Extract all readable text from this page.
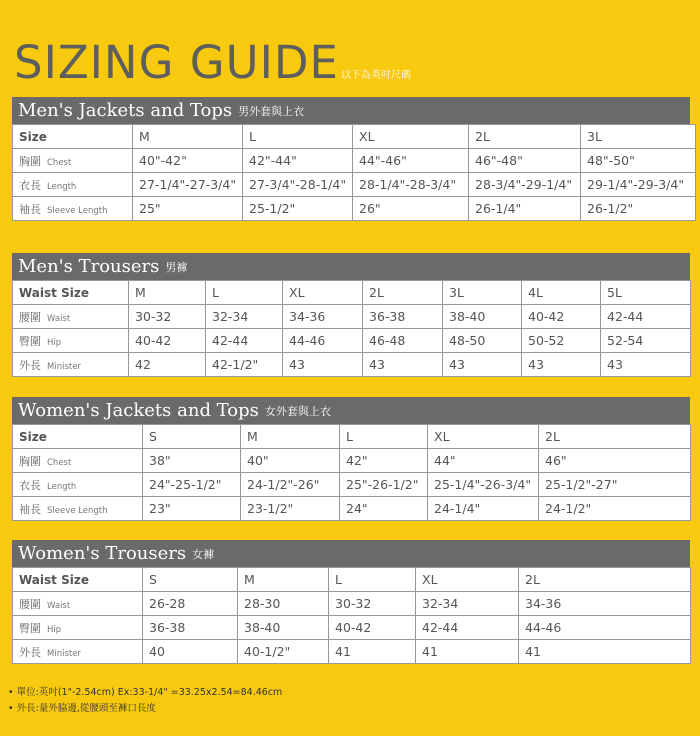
SIZING GUIDE 以下為英吋尺碼
Men's Jackets and Tops 男外套與上衣
Size	M	L	XL	2L	3L
胸圍 Chest	40"-42"	42"-44"	44"-46"	46"-48"	48"-50"
衣長 Length	27-1/4"-27-3/4"	27-3/4"-28-1/4"	28-1/4"-28-3/4"	28-3/4"-29-1/4"	29-1/4"-29-3/4"
袖長 Sleeve Length	25"	25-1/2"	26"	26-1/4"	26-1/2"
Men's Trousers 男褲
Waist Size	M	L	XL	2L	3L	4L	5L
腰圍 Waist	30-32	32-34	34-36	36-38	38-40	40-42	42-44
臀圍 Hip	40-42	42-44	44-46	46-48	48-50	50-52	52-54
外長 Minister	42	42-1/2"	43	43	43	43	43
Women's Jackets and Tops 女外套與上衣
Size	S	M	L	XL	2L
胸圍 Chest	38"	40"	42"	44"	46"
衣長 Length	24"-25-1/2"	24-1/2"-26"	25"-26-1/2"	25-1/4"-26-3/4"	25-1/2"-27"
袖長 Sleeve Length	23"	23-1/2"	24"	24-1/4"	24-1/2"
Women's Trousers 女褲
Waist Size	S	M	L	XL	2L
腰圍 Waist	26-28	28-30	30-32	32-34	34-36
臀圍 Hip	36-38	38-40	40-42	42-44	44-46
外長 Minister	40	40-1/2"	41	41	41
• 單位:英吋(1"-2.54cm) Ex:33-1/4" =33.25x2.54=84.46cm
• 外長:量外脇邊,從腰頭至褲口長度
